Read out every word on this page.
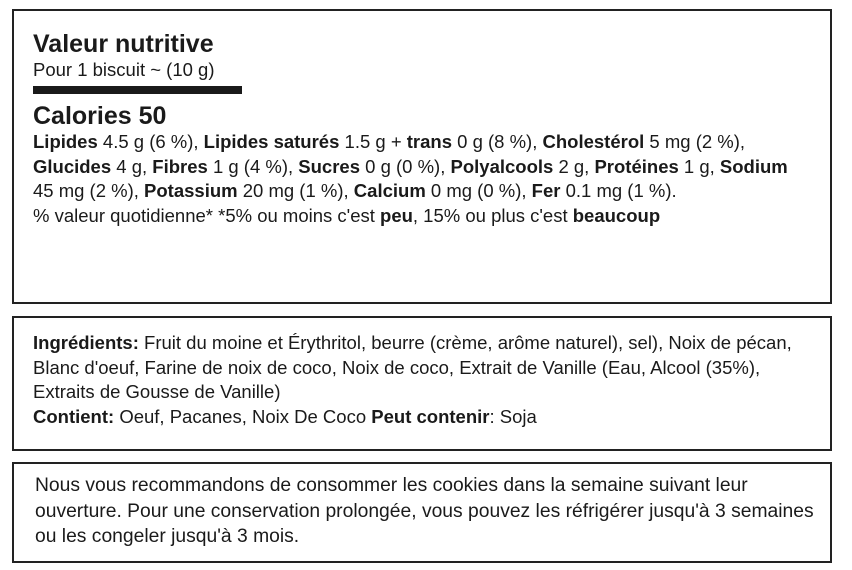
Valeur nutritive
Pour 1 biscuit ~ (10 g)
Calories 50
Lipides 4.5 g (6 %), Lipides saturés 1.5 g + trans 0 g (8 %), Cholestérol 5 mg (2 %), Glucides 4 g, Fibres 1 g (4 %), Sucres 0 g (0 %), Polyalcools 2 g, Protéines 1 g, Sodium 45 mg (2 %), Potassium 20 mg (1 %), Calcium 0 mg (0 %), Fer 0.1 mg (1 %).
% valeur quotidienne* *5% ou moins c'est peu, 15% ou plus c'est beaucoup
Ingrédients: Fruit du moine et Érythritol, beurre (crème, arôme naturel), sel), Noix de pécan, Blanc d'oeuf, Farine de noix de coco, Noix de coco, Extrait de Vanille (Eau, Alcool (35%), Extraits de Gousse de Vanille)
Contient: Oeuf, Pacanes, Noix De Coco Peut contenir: Soja
Nous vous recommandons de consommer les cookies dans la semaine suivant leur ouverture. Pour une conservation prolongée, vous pouvez les réfrigérer jusqu'à 3 semaines ou les congeler jusqu'à 3 mois.
